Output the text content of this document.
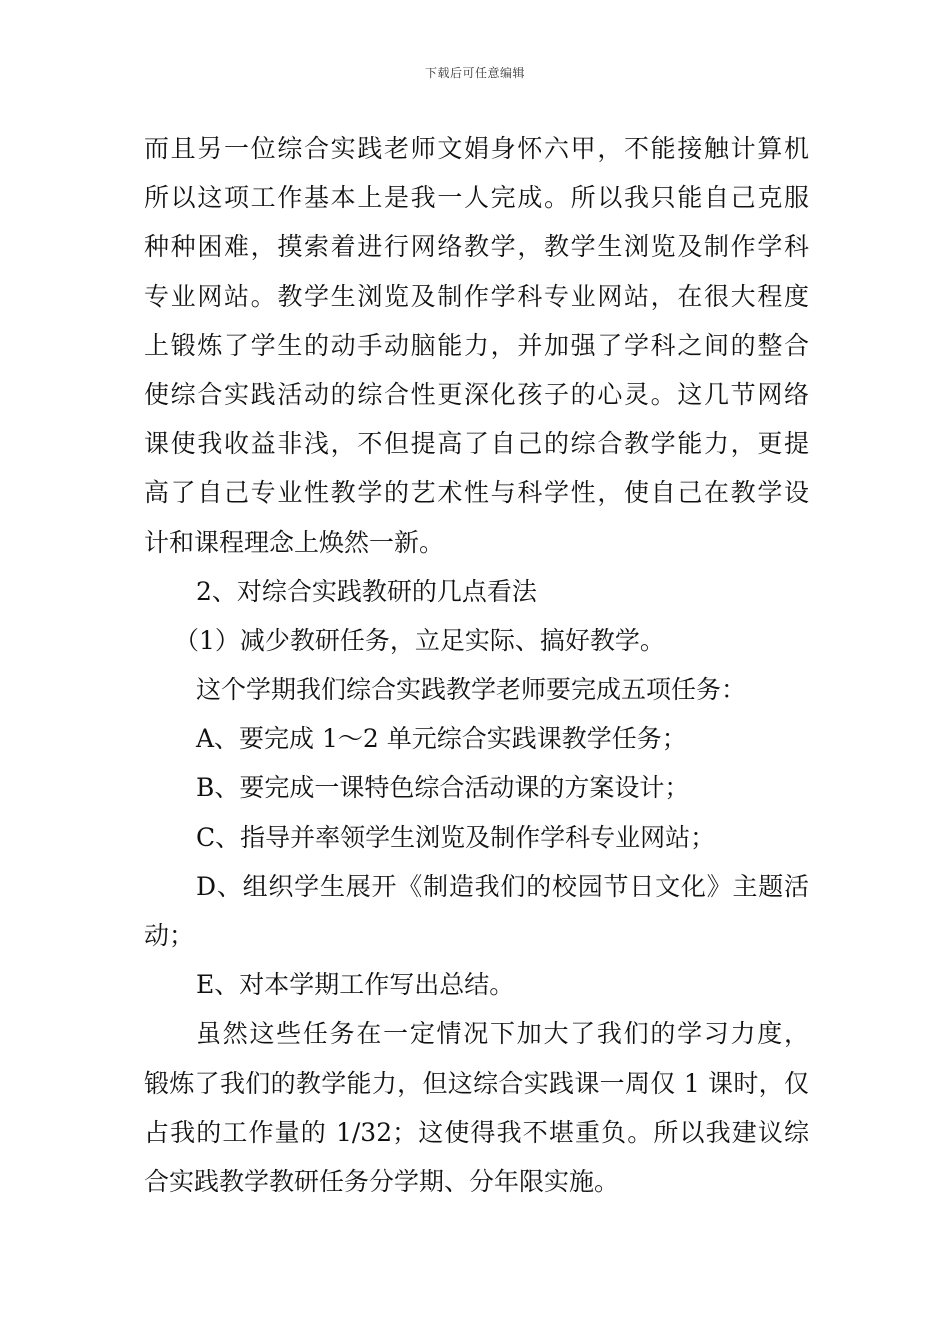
下载后可任意编辑
而且另一位综合实践老师文娟身怀六甲，不能接触计算机
所以这项工作基本上是我一人完成。所以我只能自己克服
种种困难，摸索着进行网络教学，教学生浏览及制作学科
专业网站。教学生浏览及制作学科专业网站，在很大程度
上锻炼了学生的动手动脑能力，并加强了学科之间的整合
使综合实践活动的综合性更深化孩子的心灵。这几节网络
课使我收益非浅，不但提高了自己的综合教学能力，更提
高了自己专业性教学的艺术性与科学性，使自己在教学设
计和课程理念上焕然一新。
2、对综合实践教研的几点看法
（1）减少教研任务，立足实际、搞好教学。
这个学期我们综合实践教学老师要完成五项任务：
A、要完成 1～2 单元综合实践课教学任务；
B、要完成一课特色综合活动课的方案设计；
C、指导并率领学生浏览及制作学科专业网站；
D、组织学生展开《制造我们的校园节日文化》主题活
动；
E、对本学期工作写出总结。
虽然这些任务在一定情况下加大了我们的学习力度，
锻炼了我们的教学能力，但这综合实践课一周仅 1 课时，仅
占我的工作量的 1/32；这使得我不堪重负。所以我建议综
合实践教学教研任务分学期、分年限实施。
